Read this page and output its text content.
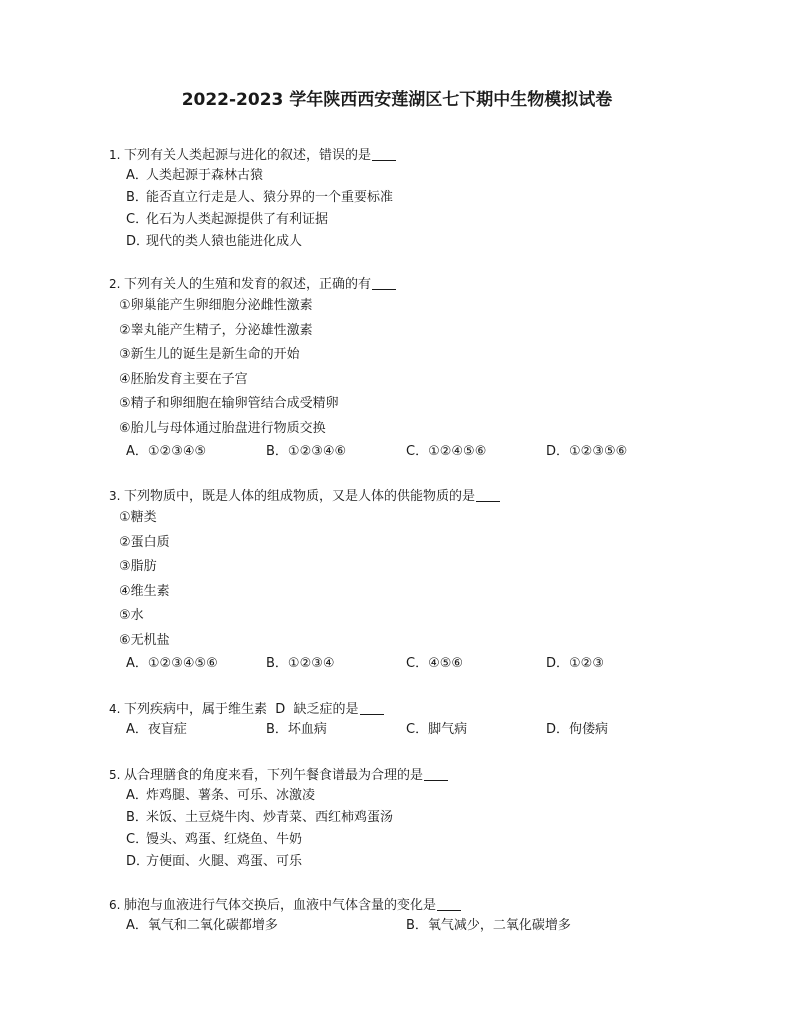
2022-2023 学年陕西西安莲湖区七下期中生物模拟试卷
1. 下列有关人类起源与进化的叙述，错误的是
A．人类起源于森林古猿
B．能否直立行走是人、猿分界的一个重要标准
C．化石为人类起源提供了有利证据
D．现代的类人猿也能进化成人
2. 下列有关人的生殖和发育的叙述，正确的有
①卵巢能产生卵细胞分泌雌性激素
②睾丸能产生精子，分泌雄性激素
③新生儿的诞生是新生命的开始
④胚胎发育主要在子宫
⑤精子和卵细胞在输卵管结合成受精卵
⑥胎儿与母体通过胎盘进行物质交换
A．①②③④⑤	B．①②③④⑥	C．①②④⑤⑥	D．①②③⑤⑥
3. 下列物质中，既是人体的组成物质，又是人体的供能物质的是
①糖类
②蛋白质
③脂肪
④维生素
⑤水
⑥无机盐
A．①②③④⑤⑥	B．①②③④	C．④⑤⑥	D．①②③
4. 下列疾病中，属于维生素  D  缺乏症的是
A．夜盲症	B．坏血病	C．脚气病	D．佝偻病
5. 从合理膳食的角度来看，下列午餐食谱最为合理的是
A．炸鸡腿、薯条、可乐、冰激凌
B．米饭、土豆烧牛肉、炒青菜、西红柿鸡蛋汤
C．馒头、鸡蛋、红烧鱼、牛奶
D．方便面、火腿、鸡蛋、可乐
6. 肺泡与血液进行气体交换后，血液中气体含量的变化是
A．氧气和二氧化碳都增多	B．氧气减少，二氧化碳增多
